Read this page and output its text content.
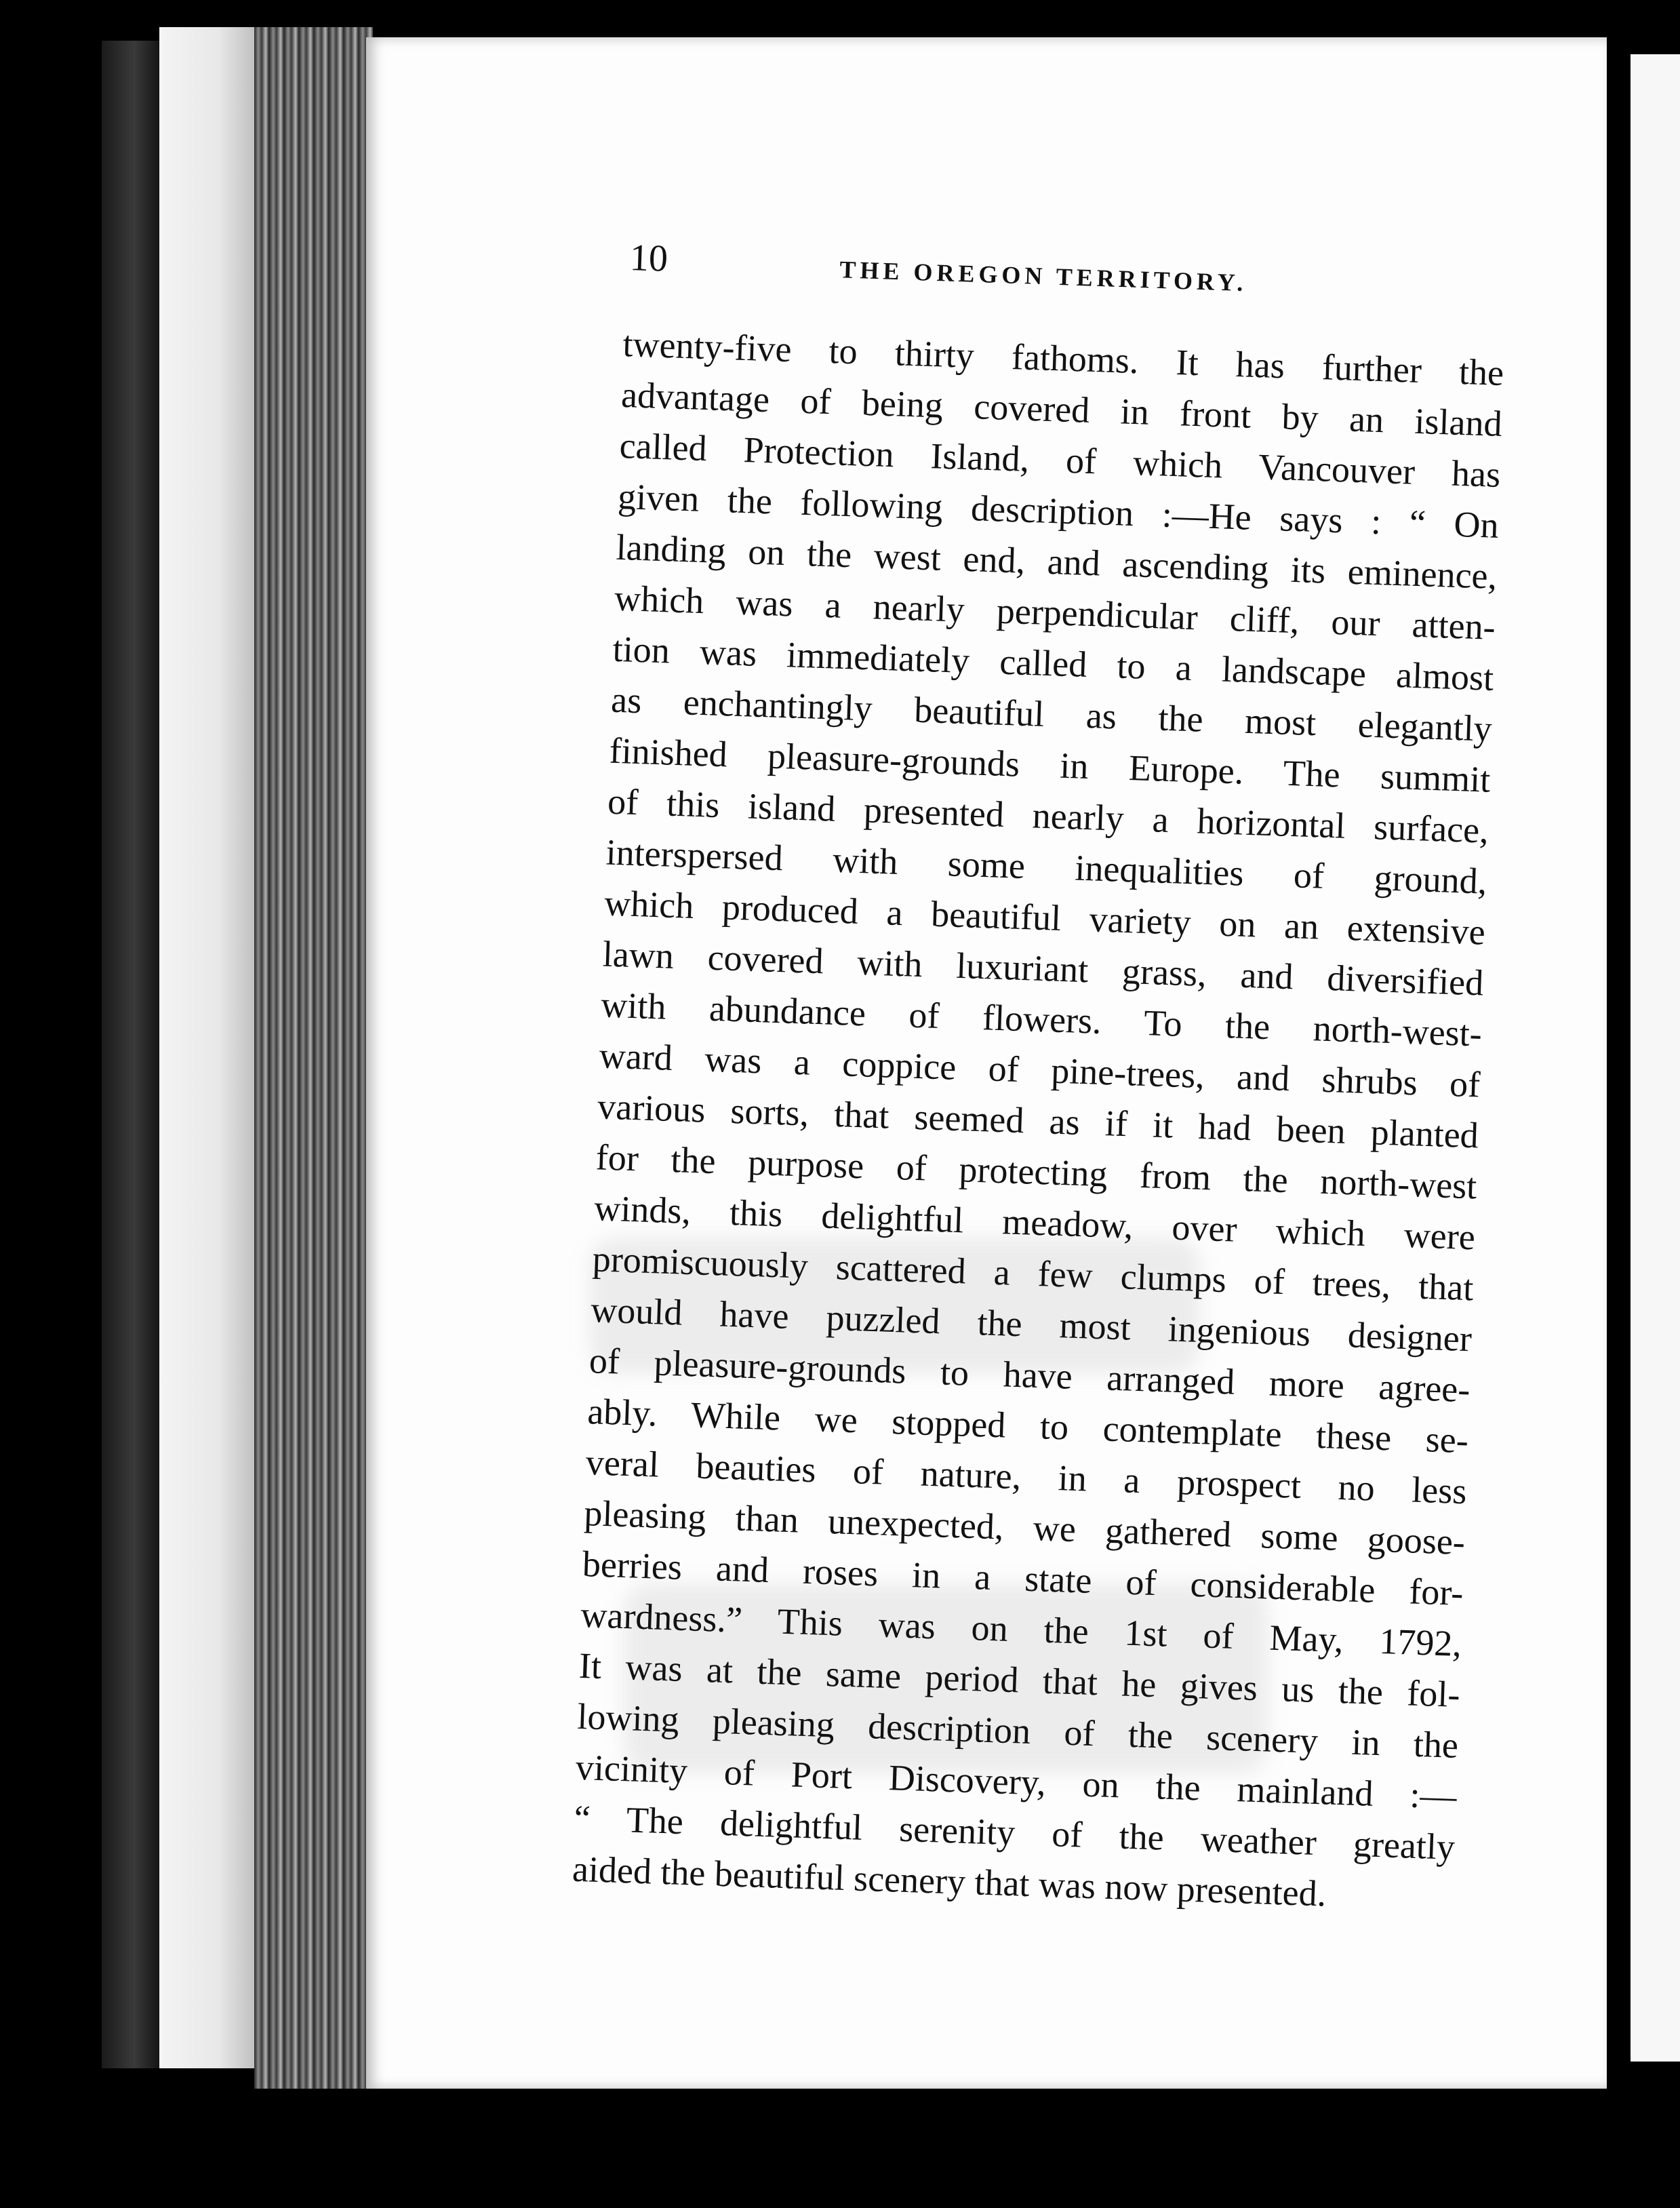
10	THE OREGON TERRITORY.
twenty-five to thirty fathoms. It has further the
advantage of being covered in front by an island
called Protection Island, of which Vancouver has
given the following description :—He says : “ On
landing on the west end, and ascending its eminence,
which was a nearly perpendicular cliff, our atten-
tion was immediately called to a landscape almost
as enchantingly beautiful as the most elegantly
finished pleasure-grounds in Europe. The summit
of this island presented nearly a horizontal surface,
interspersed with some inequalities of ground,
which produced a beautiful variety on an extensive
lawn covered with luxuriant grass, and diversified
with abundance of flowers. To the north-west-
ward was a coppice of pine-trees, and shrubs of
various sorts, that seemed as if it had been planted
for the purpose of protecting from the north-west
winds, this delightful meadow, over which were
promiscuously scattered a few clumps of trees, that
would have puzzled the most ingenious designer
of pleasure-grounds to have arranged more agree-
ably. While we stopped to contemplate these se-
veral beauties of nature, in a prospect no less
pleasing than unexpected, we gathered some goose-
berries and roses in a state of considerable for-
wardness.” This was on the 1st of May, 1792,
It was at the same period that he gives us the fol-
lowing pleasing description of the scenery in the
vicinity of Port Discovery, on the mainland :—
“ The delightful serenity of the weather greatly
aided the beautiful scenery that was now presented.
